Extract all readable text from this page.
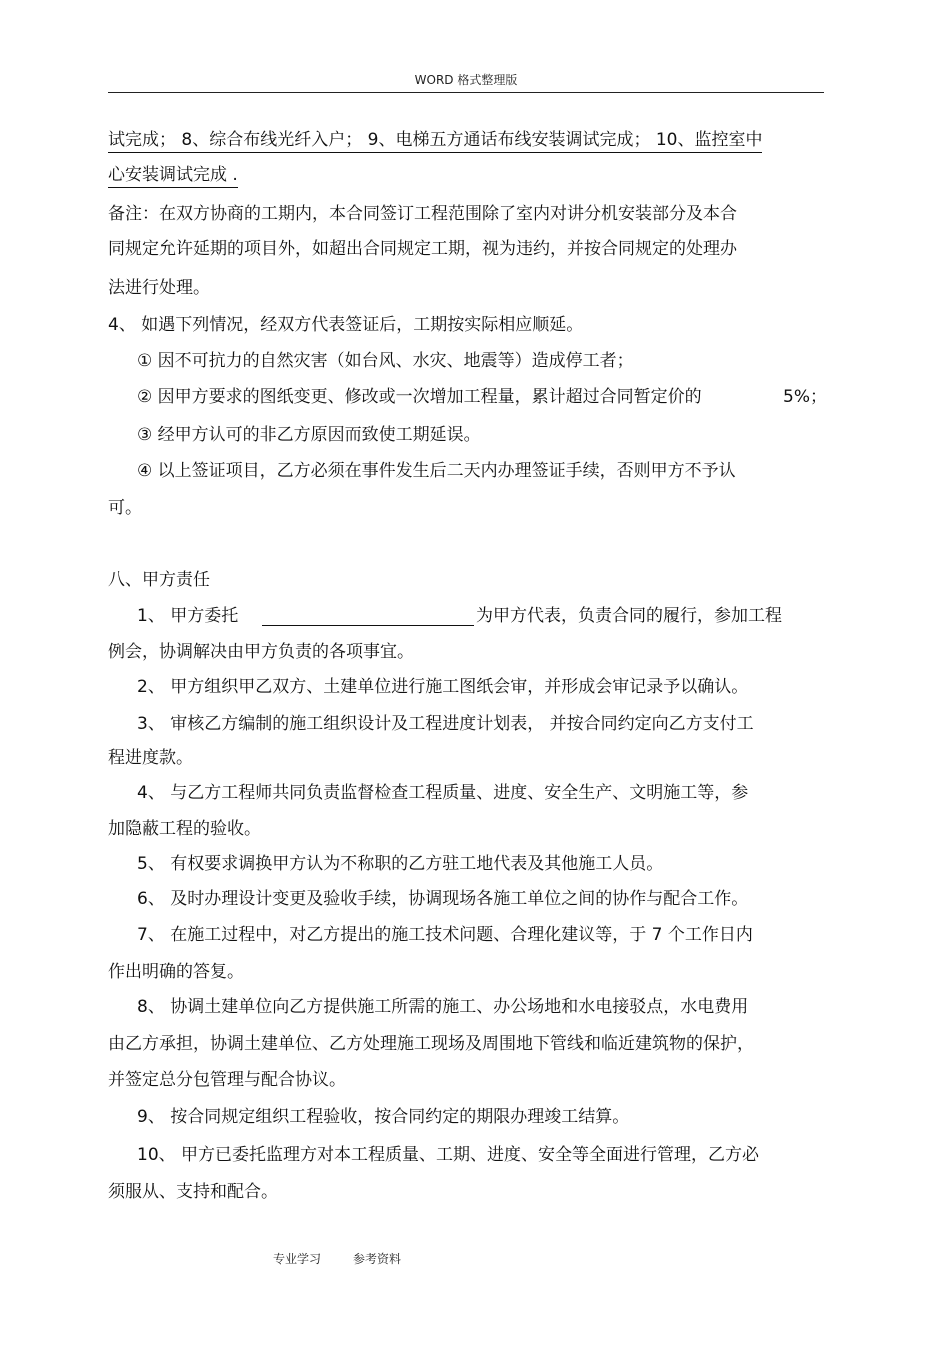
WORD 格式整理版
试完成； 8、综合布线光纤入户； 9、电梯五方通话布线安装调试完成； 10、监控室中
心安装调试完成 .
备注：在双方协商的工期内，本合同签订工程范围除了室内对讲分机安装部分及本合
同规定允许延期的项目外，如超出合同规定工期，视为违约，并按合同规定的处理办
法进行处理。
4、 如遇下列情况，经双方代表签证后，工期按实际相应顺延。
① 因不可抗力的自然灾害（如台风、水灾、地震等）造成停工者；
② 因甲方要求的图纸变更、修改或一次增加工程量，累计超过合同暂定价的	5%；
③ 经甲方认可的非乙方原因而致使工期延误。
④ 以上签证项目，乙方必须在事件发生后二天内办理签证手续，否则甲方不予认
可。
八、甲方责任
1、 甲方委托	为甲方代表，负责合同的履行，参加工程
例会，协调解决由甲方负责的各项事宜。
2、 甲方组织甲乙双方、土建单位进行施工图纸会审，并形成会审记录予以确认。
3、 审核乙方编制的施工组织设计及工程进度计划表， 并按合同约定向乙方支付工
程进度款。
4、 与乙方工程师共同负责监督检查工程质量、进度、安全生产、文明施工等，参
加隐蔽工程的验收。
5、 有权要求调换甲方认为不称职的乙方驻工地代表及其他施工人员。
6、 及时办理设计变更及验收手续，协调现场各施工单位之间的协作与配合工作。
7、 在施工过程中，对乙方提出的施工技术问题、合理化建议等，于 7 个工作日内
作出明确的答复。
8、 协调土建单位向乙方提供施工所需的施工、办公场地和水电接驳点，水电费用
由乙方承担，协调土建单位、乙方处理施工现场及周围地下管线和临近建筑物的保护，
并签定总分包管理与配合协议。
9、 按合同规定组织工程验收，按合同约定的期限办理竣工结算。
10、 甲方已委托监理方对本工程质量、工期、进度、安全等全面进行管理，乙方必
须服从、支持和配合。
专业学习	参考资料
